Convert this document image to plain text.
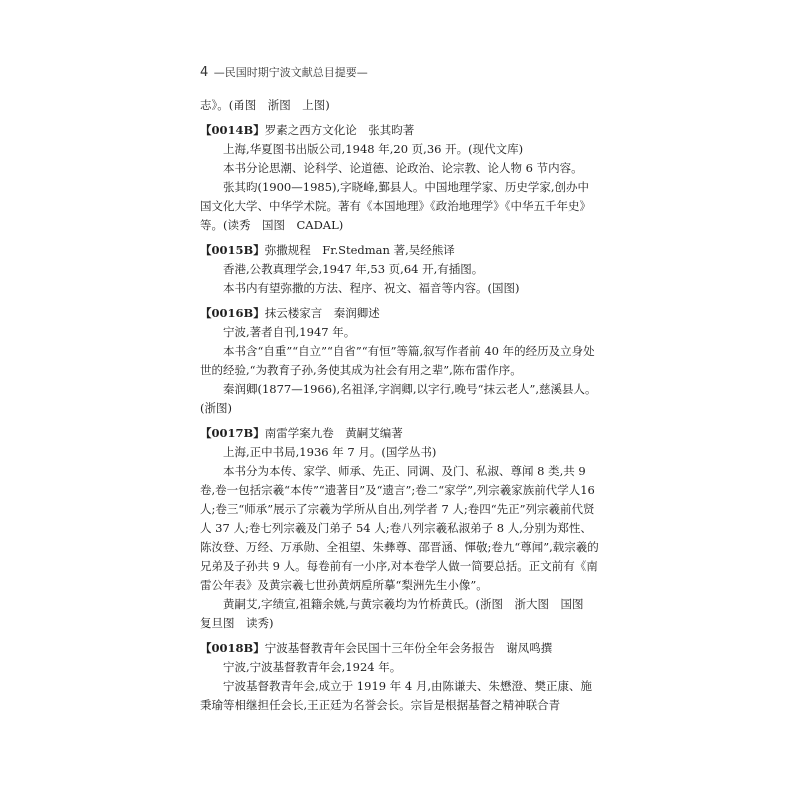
4 —民国时期宁波文献总目提要—

志》。(甬图　浙图　上图)

【0014B】罗素之西方文化论　张其昀著

上海,华夏图书出版公司,1948 年,20 页,36 开。(现代文库)

本书分论思潮、论科学、论道德、论政治、论宗教、论人物 6 节内容。

张其昀(1900—1985),字晓峰,鄞县人。中国地理学家、历史学家,创办中国文化大学、中华学术院。著有《本国地理》《政治地理学》《中华五千年史》等。(读秀　国图　CADAL)

【0015B】弥撒规程　Fr.Stedman 著,吴经熊译

香港,公教真理学会,1947 年,53 页,64 开,有插图。

本书内有望弥撒的方法、程序、祝文、福音等内容。(国图)

【0016B】抹云楼家言　秦润卿述

宁波,著者自刊,1947 年。

本书含“自重”“自立”“自省”“有恒”等篇,叙写作者前 40 年的经历及立身处世的经验,“为教育子孙,务使其成为社会有用之辈”,陈布雷作序。

秦润卿(1877—1966),名祖泽,字润卿,以字行,晚号“抹云老人”,慈溪县人。(浙图)

【0017B】南雷学案九卷　黄嗣艾编著

上海,正中书局,1936 年 7 月。(国学丛书)

本书分为本传、家学、师承、先正、同调、及门、私淑、尊闻 8 类,共 9 卷,卷一包括宗羲“本传”“遗著目”及“遗言”;卷二“家学”,列宗羲家族前代学人16 人;卷三“师承”展示了宗羲为学所从自出,列学者 7 人;卷四“先正”列宗羲前代贤人 37 人;卷七列宗羲及门弟子 54 人;卷八列宗羲私淑弟子 8 人,分别为郑性、陈汝登、万经、万承勋、全祖望、朱彝尊、邵晋涵、惲敬;卷九“尊闻”,载宗羲的兄弟及子孙共 9 人。每卷前有一小序,对本卷学人做一简要总括。正文前有《南雷公年表》及黄宗羲七世孙黄炳垕所摹“梨洲先生小像”。

黄嗣艾,字绩宣,祖籍余姚,与黄宗羲均为竹桥黄氏。(浙图　浙大图　国图　复旦图　读秀)

【0018B】宁波基督教青年会民国十三年份全年会务报告　谢凤鸣撰

宁波,宁波基督教青年会,1924 年。

宁波基督教青年会,成立于 1919 年 4 月,由陈谦夫、朱懋澄、樊正康、施秉瑜等相继担任会长,王正廷为名誉会长。宗旨是根据基督之精神联合青
